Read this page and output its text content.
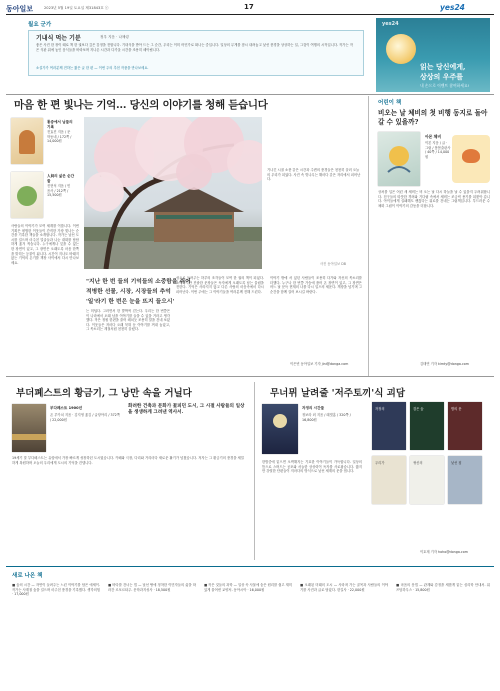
동아일보	2023년 5월 19일 토요일 제31843호 ⓒ	17	yes24
월요 군가
기내식 먹는 기분	정우 지음 · 나채령
좋은 사진 한 장이 때로 책 한 권보다 깊은 감정을 전합니다. 기내식을 받아 드는 그 순간, 우리는 이미 어딘가로 떠나는 중입니다. 일상의 무게를 잠시 내려놓고 낯선 풍경을 상상하는 일, 그것이 여행의 시작입니다. 작가는 작은 식판 위에 놓인 음식들을 바라보며 지나온 시간과 다가올 시간을 조용히 헤아립니다.
소설가가 여러분께 전하는 짧은 글 한 편 — 이번 주의 추천 작품을 만나보세요.
yes24
읽는 당신에게,
상상의 우주를
내 손으로 이벤트 참여하세요!
마음 한 편 빛나는 기억… 당신의 이야기를 청해 듣습니다
통증에서 님들의 기록
전효진 지음 / 문학동네 / 172쪽 / 14,000원
人间의 삶은 순간들
진현석 지음 / 민음사 / 212쪽 / 15,500원
사람들의 이야기가 모여 세계를 이룹니다. 이번 기획은 평범한 이웃들이 간직한 가장 빛나는 순간을 기록한 책들을 소개합니다. 작가는 낯선 도시를 걸으며 마주친 얼굴들과 나눈 대화를 담담하게 옮겨 적습니다. 누구에게나 잊을 수 없는 한 장면이 있고, 그 장면은 오래도록 마음 한쪽을 밝히는 등불이 됩니다. 시간이 지나도 바래지 않는 기억의 온기를 책장 사이에서 다시 만나보세요.
기나긴 시절 소풍 같은 시간과 주변의 풍경들은 천천히 흘러 오늘의 우리가 되었다. 사진 속 벚나무는 해마다 같은 자리에서 피어난다.
사진 동아일보 DB
"지난 한 번 들의 기억들의 소중함을 쥐어
적병한 선물, 시장, 시장들의 추억
'일'라기 한 번은 눈을 뜨지 들으시'
는 미덥다. 그러면서 한 발짝씩 걷는다. 우리는 한 번쯤은 이 나라에서 오래 남을 이야기를 들을 수 있을 거라고 생각했다. 작은 정원 한편을 풀어 헤치듯 조용히 말을 건네 보았다. 이웃들은 저마다 오래 묵혀 둔 이야기를 꺼내 놓았고, 그 목소리는 계절처럼 천천히 흘렀다.
성으로 들려주는 하루의 조각들이 모여 한 권의 책이 되었다. 소박하지만 진솔한 문장들은 독자에게 오래도록 남는 울림을 전한다. 기억은 사라지지 않고 다른 사람의 마음속에서 다시 피어난다. 이번 주에는 그 이야기들을 여러분께 전해 드린다.
이야기 밖에 서 있던 사람들이 조용히 다가와 자신의 목소리를 더했다. 누구나 한 번쯤 가슴에 품어 온 장면이 있고, 그 장면은 어느 날 문득 현재의 나를 다시 일으켜 세운다. 책장을 넘기며 그 순간을 함께 걸어 보시길 바란다.
이은빈 동아일보 기자 jini@donga.com
어린이 책
비오는 날 체비의 첫 비행 동지로 돌아갈 수 있을까?
아몬 체비
이본 지음 / 글 · 그림 / 봄봄출판사 / 40쪽 / 14,000원
상처를 입은 어린 새 체비는 비 오는 날 다시 하늘을 날 수 있을지 두려워합니다. 친구들의 따뜻한 격려와 기다림 속에서 체비는 조금씩 용기를 되찾아 갑니다. 아이들에게 실패해도 괜찮다는 위로를 건네는 그림책입니다. 부드러운 수채화 그림이 이야기의 감동을 더합니다.
김태연 기자 kimty@donga.com
부더폐스트의 황금기, 그 낭만 속을 거닐다	무너뮈 날려줄 '저주토끼'식 괴담
부다페스트 1900년
존 루카치 지음 · 김지영 옮김 / 글항아리 / 372쪽 / 22,000원
화려한 건축과 문화가 꽃피던 도시, 그 시절 사람들의 일상을 생생하게 그려낸 역사서.
19세기 말 부다페스트는 유럽에서 가장 빠르게 성장하던 도시였습니다. 카페와 극장, 다리와 거리마다 새로운 활기가 넘쳤습니다. 저자는 그 황금기의 풍경을 세밀하게 복원하며 오늘의 우리에게 도시의 기억을 건넵니다.
자정의 시간들
정보라 외 지음 / 래빗홀 / 320쪽 / 16,800원
한밤중에 읽으면 오싹해지는 기묘한 이야기들이 가득합니다. 일상의 틈으로 스며드는 공포와 서늘한 상상력이 독자를 사로잡습니다. 짧지만 강렬한 단편들이 저마다의 방식으로 낯선 세계의 문을 엽니다.
자정의	검은 숲	밤의 문
우리가	귀신의	낯선 집
이호재 기자 hoho@donga.com
새로 나온 책
■ 숲의 시간 — 자연이 들려주는 느린 이야기를 담은 에세이. 작가는 사계절 숲을 걸으며 마주친 풍경을 기록했다. 생각의힘 · 17,000원
■ 바다를 건너는 법 — 낯선 땅에 정착한 이민자들의 삶을 따라간 르포르타주. 문학과지성사 · 18,500원
■ 작은 것들의 과학 — 일상 속 사물에 숨은 원리를 쉽고 재미있게 풀어낸 교양서. 동아시아 · 16,000원
■ 오래된 미래의 도시 — 사라져 가는 골목과 사람들의 이야기를 사진과 글로 담았다. 한길사 · 22,000원
■ 마음의 문법 — 관계와 감정을 새롭게 읽는 심리학 안내서. 위즈덤하우스 · 15,800원
